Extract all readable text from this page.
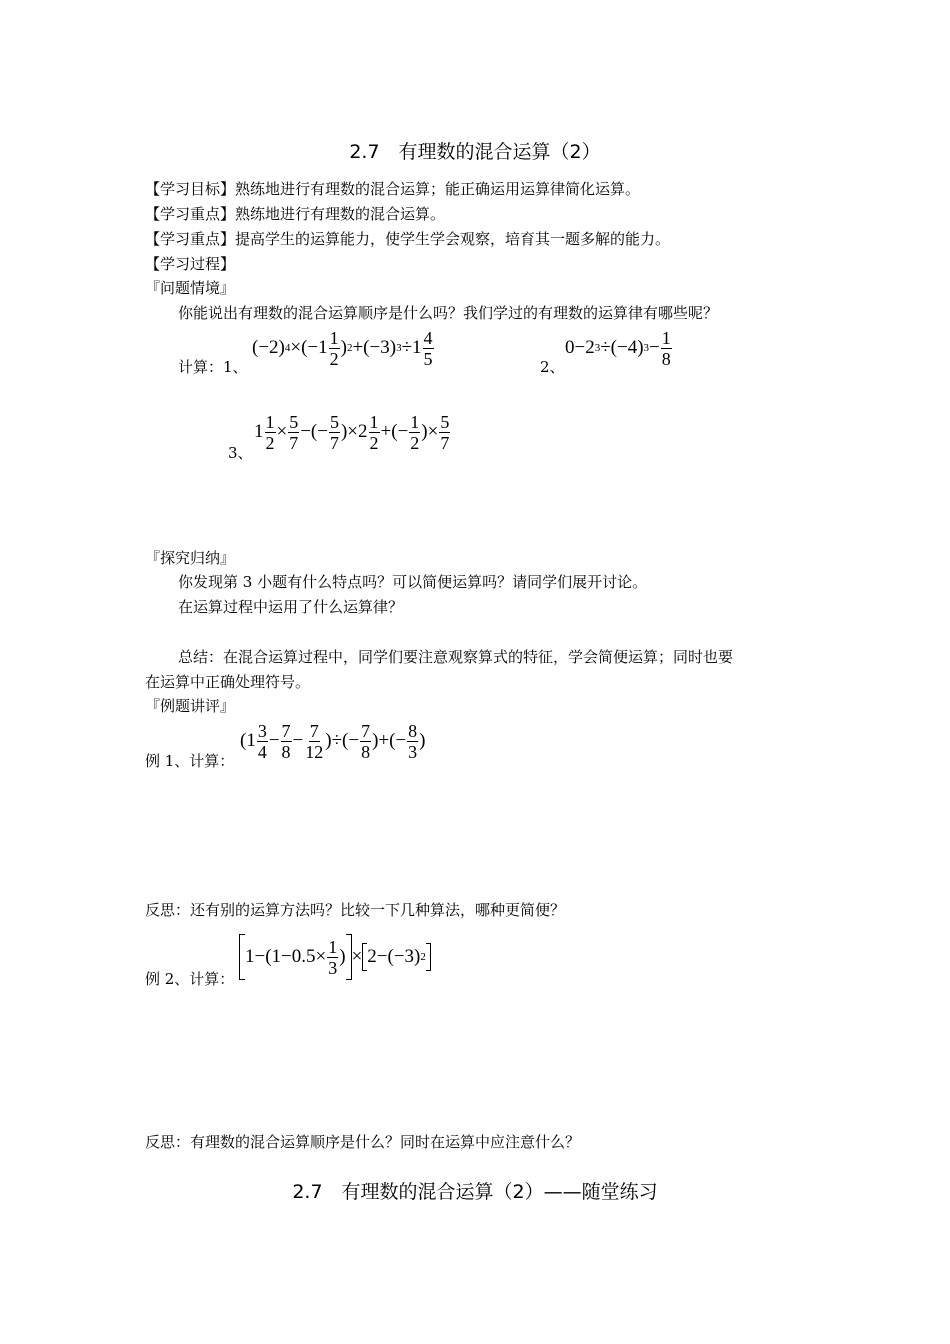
2.7　有理数的混合运算（2）
【学习目标】熟练地进行有理数的混合运算；能正确运用运算律简化运算。
【学习重点】熟练地进行有理数的混合运算。
【学习重点】提高学生的运算能力，使学生学会观察，培育其一题多解的能力。
【学习过程】
『问题情境』
你能说出有理数的混合运算顺序是什么吗？我们学过的有理数的运算律有哪些呢？
计算：1、
(−2) 4 ×(−1 1
2
) 2 +(−3) 3 ÷1 4
5	2、
0−2 3 ÷(−4) $3 - \frac{1}{8}$
3、
$1 \frac{1}{2} \times \frac{5}{7}$ −(− $\frac{5}{7} )\times 2$ 1
2
+(− $\frac{1}{2}$ )× $\frac{5}{7}$
『探究归纳』
你发现第 3 小题有什么特点吗？可以简便运算吗？请同学们展开讨论。
在运算过程中运用了什么运算律？
总结：在混合运算过程中，同学们要注意观察算式的特征，学会简便运算；同时也要
在运算中正确处理符号。
『例题讲评』
例 1、计算：
(1 3
4
− $\frac{7}{8} - \frac{7}{12}$ )÷(− $\frac{7}{8}$ )+(− $\frac{8}{3}$ )
反思：还有别的运算方法吗？比较一下几种算法，哪种更简便？
例 2、计算：
$1-(1-0.5\times \frac{1}{3}$ ) × 2−(−3) 2
反思：有理数的混合运算顺序是什么？同时在运算中应注意什么？
2.7　有理数的混合运算（2）——随堂练习
